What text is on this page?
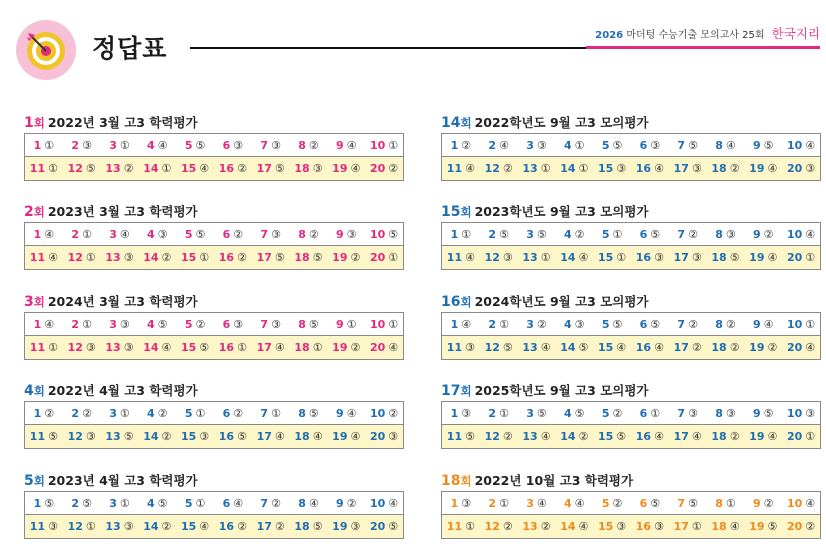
정답표	2026 마더텅 수능기출 모의고사 25회 한국지리
1회 2022년 3월 고3 학력평가
1 ①	2 ③	3 ①	4 ④	5 ⑤	6 ③	7 ③	8 ②	9 ④	10 ①
11 ① 12 ⑤ 13 ② 14 ① 15 ④ 16 ② 17 ⑤ 18 ③ 19 ④ 20 ②
2회 2023년 3월 고3 학력평가
1 ④	2 ①	3 ④	4 ③	5 ⑤	6 ②	7 ③	8 ②	9 ③	10 ⑤
11 ④ 12 ① 13 ③ 14 ② 15 ① 16 ② 17 ⑤ 18 ⑤ 19 ② 20 ①
3회 2024년 3월 고3 학력평가
1 ④	2 ①	3 ③	4 ⑤	5 ②	6 ③	7 ③	8 ⑤	9 ①	10 ①
11 ① 12 ③ 13 ③ 14 ④ 15 ⑤ 16 ① 17 ④ 18 ① 19 ② 20 ④
4회 2022년 4월 고3 학력평가
1 ②	2 ②	3 ①	4 ②	5 ①	6 ②	7 ①	8 ⑤	9 ④	10 ②
11 ⑤ 12 ③ 13 ⑤ 14 ② 15 ③ 16 ⑤ 17 ④ 18 ④ 19 ④ 20 ③
5회 2023년 4월 고3 학력평가
1 ⑤	2 ⑤	3 ①	4 ⑤	5 ①	6 ④	7 ②	8 ④	9 ②	10 ④
11 ③ 12 ① 13 ③ 14 ② 15 ④ 16 ② 17 ② 18 ⑤ 19 ③ 20 ⑤
14회 2022학년도 9월 고3 모의평가
1 ②	2 ④	3 ③	4 ①	5 ⑤	6 ③	7 ⑤	8 ④	9 ⑤	10 ④
11 ④ 12 ② 13 ① 14 ① 15 ③ 16 ④ 17 ③ 18 ② 19 ④ 20 ③
15회 2023학년도 9월 고3 모의평가
1 ①	2 ⑤	3 ⑤	4 ②	5 ①	6 ⑤	7 ②	8 ③	9 ②	10 ④
11 ④ 12 ③ 13 ① 14 ④ 15 ① 16 ③ 17 ③ 18 ⑤ 19 ④ 20 ①
16회 2024학년도 9월 고3 모의평가
1 ④	2 ①	3 ②	4 ③	5 ⑤	6 ⑤	7 ②	8 ②	9 ④	10 ①
11 ③ 12 ⑤ 13 ④ 14 ⑤ 15 ④ 16 ④ 17 ② 18 ② 19 ② 20 ④
17회 2025학년도 9월 고3 모의평가
1 ③	2 ①	3 ⑤	4 ⑤	5 ②	6 ①	7 ③	8 ③	9 ⑤	10 ③
11 ⑤ 12 ② 13 ④ 14 ② 15 ⑤ 16 ④ 17 ④ 18 ② 19 ④ 20 ①
18회 2022년 10월 고3 학력평가
1 ③	2 ①	3 ④	4 ④	5 ②	6 ⑤	7 ⑤	8 ①	9 ②	10 ④
11 ① 12 ② 13 ② 14 ④ 15 ③ 16 ③ 17 ① 18 ④ 19 ⑤ 20 ②
